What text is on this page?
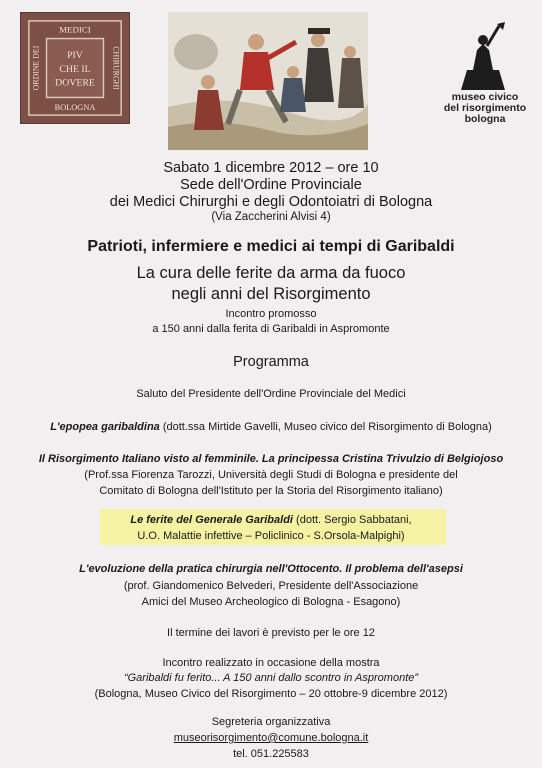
MEDICI
BOLOGNA
ORDINE DEI	CHIRURGHI
PIV
CHE IL
DOVERE
museo civico
del risorgimento
bologna
Sabato 1 dicembre 2012 – ore 10
Sede dell'Ordine Provinciale
dei Medici Chirurghi e degli Odontoiatri di Bologna
(Via Zaccherini Alvisi 4)
Patrioti, infermiere e medici ai tempi di Garibaldi
La cura delle ferite da arma da fuoco
negli anni del Risorgimento
Incontro promosso
a 150 anni dalla ferita di Garibaldi in Aspromonte
Programma
Saluto del Presidente dell'Ordine Provinciale del Medici
L'epopea garibaldina (dott.ssa Mirtide Gavelli, Museo civico del Risorgimento di Bologna)
Il Risorgimento Italiano visto al femminile. La principessa Cristina Trivulzio di Belgiojoso
(Prof.ssa Fiorenza Tarozzi, Università degli Studi di Bologna e presidente del
Comitato di Bologna dell'Istituto per la Storia del Risorgimento italiano)
Le ferite del Generale Garibaldi (dott. Sergio Sabbatani,
U.O. Malattie infettive – Policlinico - S.Orsola-Malpighi)
L'evoluzione della pratica chirurgia nell'Ottocento. Il problema dell'asepsi
(prof. Giandomenico Belvederi, Presidente dell'Associazione
Amici del Museo Archeologico di Bologna - Esagono)
Il termine dei lavori è previsto per le ore 12
Incontro realizzato in occasione della mostra
“Garibaldi fu ferito... A 150 anni dallo scontro in Aspromonte”
(Bologna, Museo Civico del Risorgimento – 20 ottobre-9 dicembre 2012)
Segreteria organizzativa
museorisorgimento@comune.bologna.it
tel. 051.225583
